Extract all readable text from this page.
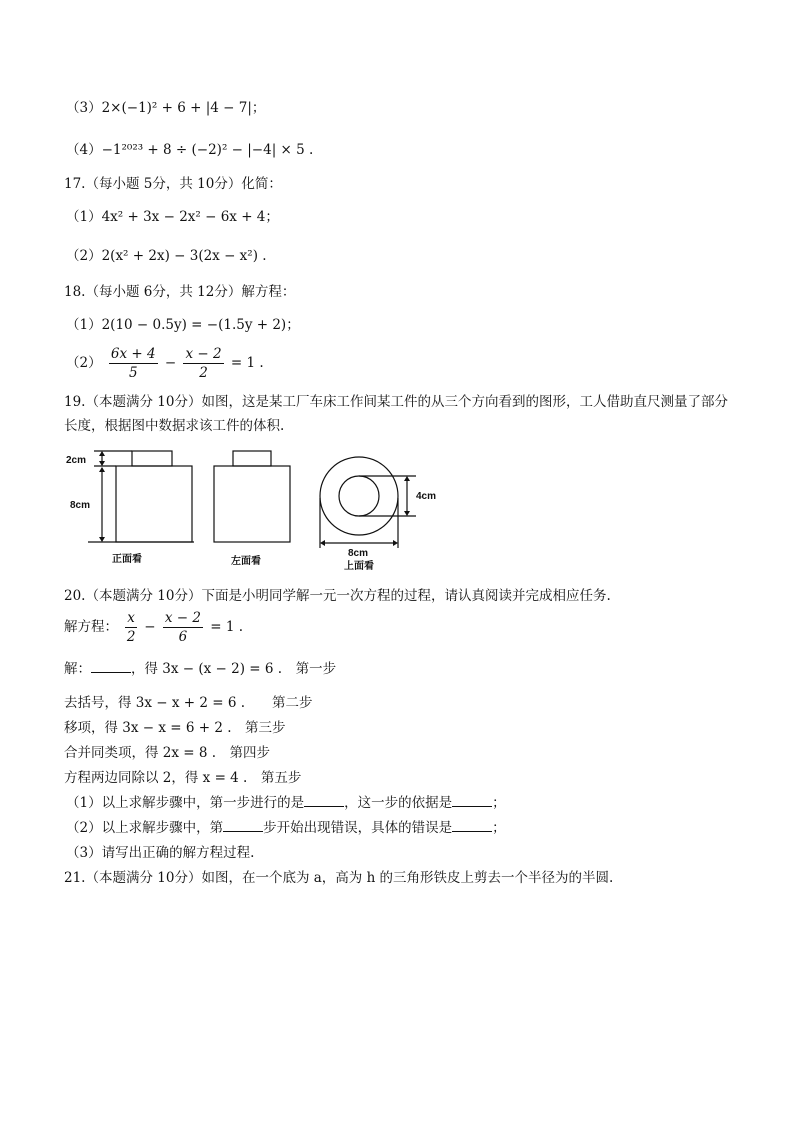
（3）2×(−1)² + 6 + |4 − 7|；
（4）−1²⁰²³ + 8 ÷ (−2)² − |−4| × 5 .
17.（每小题 5分，共 10分）化简：
（1）4x² + 3x − 2x² − 6x + 4；
（2）2(x² + 2x) − 3(2x − x²) .
18.（每小题 6分，共 12分）解方程：
（1）2(10 − 0.5y) = −(1.5y + 2)；
$(2) \frac{6x + 4}{5} - \frac{x - 2}{2} = 1$ .
19.（本题满分 10分）如图，这是某工厂车床工作间某工件的从三个方向看到的图形，工人借助直尺测量了部分长度，根据图中数据求该工件的体积.
2cm
8cm
正面看	左面看
4cm
8cm
上面看
20.（本题满分 10分）下面是小明同学解一元一次方程的过程，请认真阅读并完成相应任务.
解方程： $\frac{x}{2} - \frac{x - 2}{6} = 1$ .
解：	，得 3x − (x − 2) = 6 .　第一步
去括号，得 3x − x + 2 = 6 .　　第二步
移项，得 3x − x = 6 + 2 .　第三步
合并同类项，得 2x = 8 .　第四步
方程两边同除以 2，得 x = 4 .　第五步
（1）以上求解步骤中，第一步进行的是	，这一步的依据是	；
（2）以上求解步骤中，第	步开始出现错误，具体的错误是	；
（3）请写出正确的解方程过程.
21.（本题满分 10分）如图，在一个底为 a，高为 h 的三角形铁皮上剪去一个半径为的半圆.
